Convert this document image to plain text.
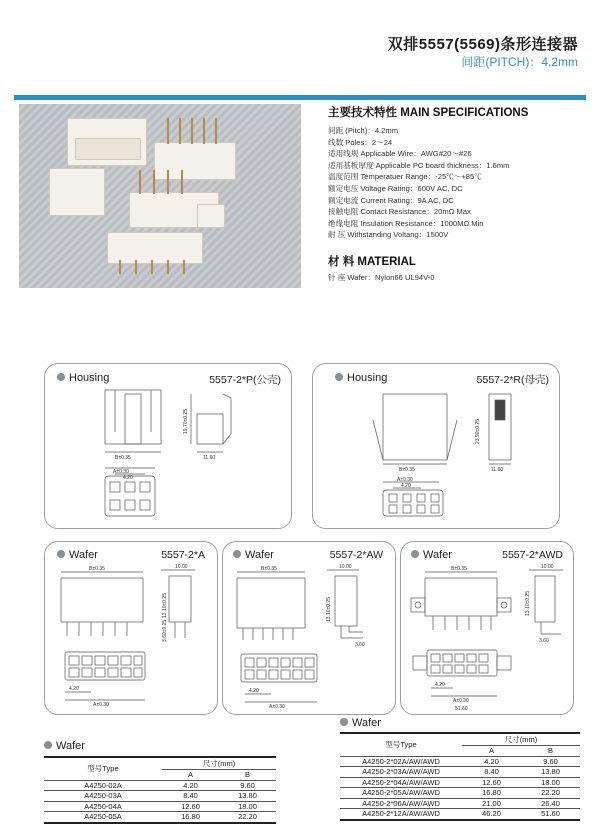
双排5557(5569)条形连接器
间距(PITCH)：4.2mm
主要技术特性 MAIN SPECIFICATIONS
间距 (Pitch)：4.2mm
线数 Poles：2～24
适用线规 Applicable Wire：AWG#20～#26
适用基板厚度 Applicable PC board thickness：1.6mm
温度范围 Temperatuer Range：-25℃～+85℃
额定电压 Voltage Rating：600V AC, DC
额定电流 Current Rating：9A AC, DC
接触电阻 Contact Resistance：20mΩ Max
绝缘电阻 Insulation Resistance：1000MΩ Min
耐 压 Withstanding Voltang：1500V
材 料 MATERIAL
针 座 Wafer：Nylon66 UL94V-0
Housing	5557-2*P(公壳)
B±0.35	11.60
A±0.30
4.20
19.70±0.25
Housing	5557-2*R(母壳)
B±0.35	11.60
A±0.30
4.20
23.90±0.25
Wafer	5557-2*A
B±0.35	10.00
4.20
A±0.30
13.10±0.25
3.60±0.25
Wafer	5557-2*AW
B±0.35	10.00
3.60
4.20
A±0.30
13.10±0.25
Wafer	5557-2*AWD
B±0.35	10.00
3.60
4.20
A±0.30
51.60
13.10±0.25
Wafer
型号Type	尺寸(mm)	
	A	B
A4250-02A	4.20	9.60
A4250-03A	8.40	13.80
A4250-04A	12.60	18.00
A4250-05A	16.80	22.20
Wafer
型号Type	尺寸(mm)	
	A	B
A4250-2*02A/AW/AWD	4.20	9.60
A4250-2*03A/AW/AWD	8.40	13.80
A4250-2*04A/AW/AWD	12.60	18.00
A4250-2*05A/AW/AWD	16.80	22.20
A4250-2*06A/AW/AWD	21.00	26.40
A4250-2*12A/AW/AWD	46.20	51.60
